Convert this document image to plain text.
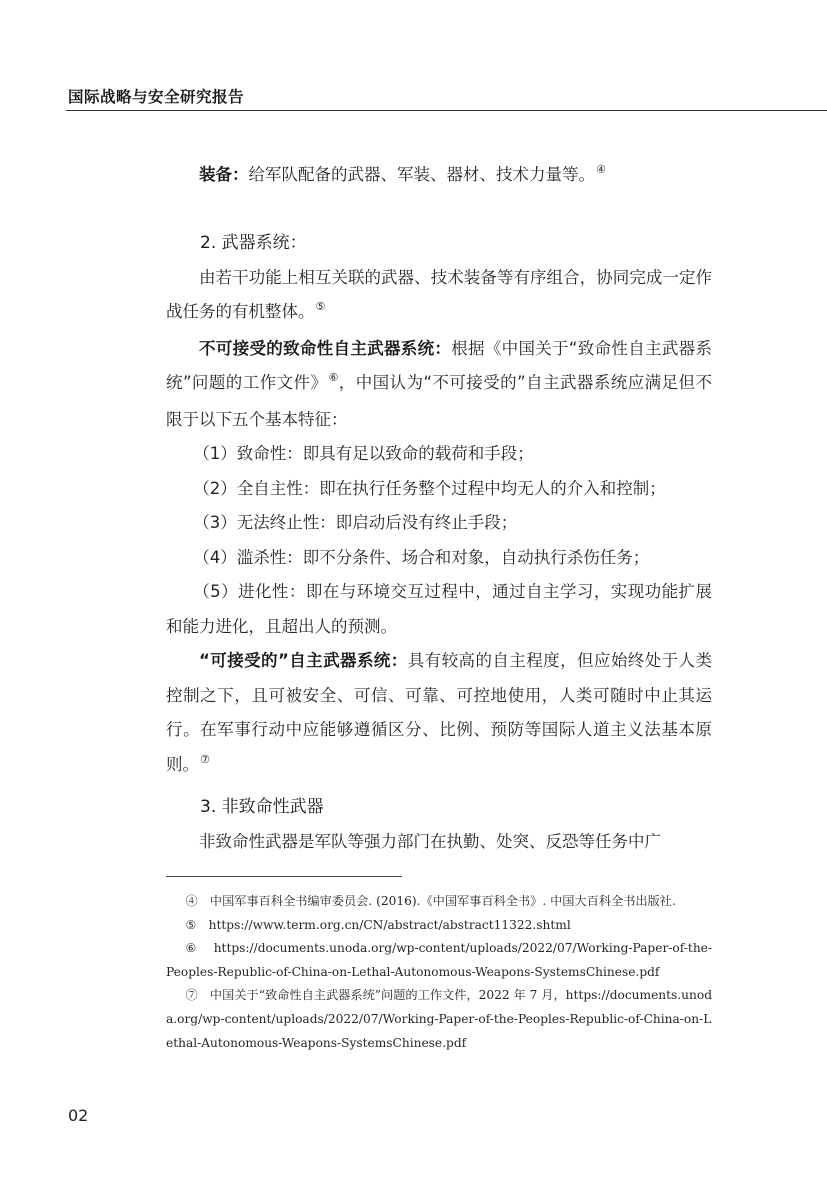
国际战略与安全研究报告

装备：给军队配备的武器、军装、器材、技术力量等。④

2. 武器系统：

由若干功能上相互关联的武器、技术装备等有序组合，协同完成一定作战任务的有机整体。⑤

不可接受的致命性自主武器系统：根据《中国关于“致命性自主武器系统”问题的工作文件》⑥，中国认为“不可接受的”自主武器系统应满足但不限于以下五个基本特征：

（1）致命性：即具有足以致命的载荷和手段；

（2）全自主性：即在执行任务整个过程中均无人的介入和控制；

（3）无法终止性：即启动后没有终止手段；

（4）滥杀性：即不分条件、场合和对象，自动执行杀伤任务；

（5）进化性：即在与环境交互过程中，通过自主学习，实现功能扩展和能力进化，且超出人的预测。

“可接受的”自主武器系统：具有较高的自主程度，但应始终处于人类控制之下，且可被安全、可信、可靠、可控地使用，人类可随时中止其运行。在军事行动中应能够遵循区分、比例、预防等国际人道主义法基本原则。⑦

3. 非致命性武器

非致命性武器是军队等强力部门在执勤、处突、反恐等任务中广

④　中国军事百科全书编审委员会. (2016).《中国军事百科全书》. 中国大百科全书出版社.

⑤　https://www.term.org.cn/CN/abstract/abstract11322.shtml

⑥　https://documents.unoda.org/wp-content/uploads/2022/07/Working-Paper-of-the-Peoples-Republic-of-China-on-Lethal-Autonomous-Weapons-SystemsChinese.pdf

⑦　中国关于“致命性自主武器系统”问题的工作文件，2022 年 7 月，https://documents.unoda.org/wp-content/uploads/2022/07/Working-Paper-of-the-Peoples-Republic-of-China-on-Lethal-Autonomous-Weapons-SystemsChinese.pdf

02
